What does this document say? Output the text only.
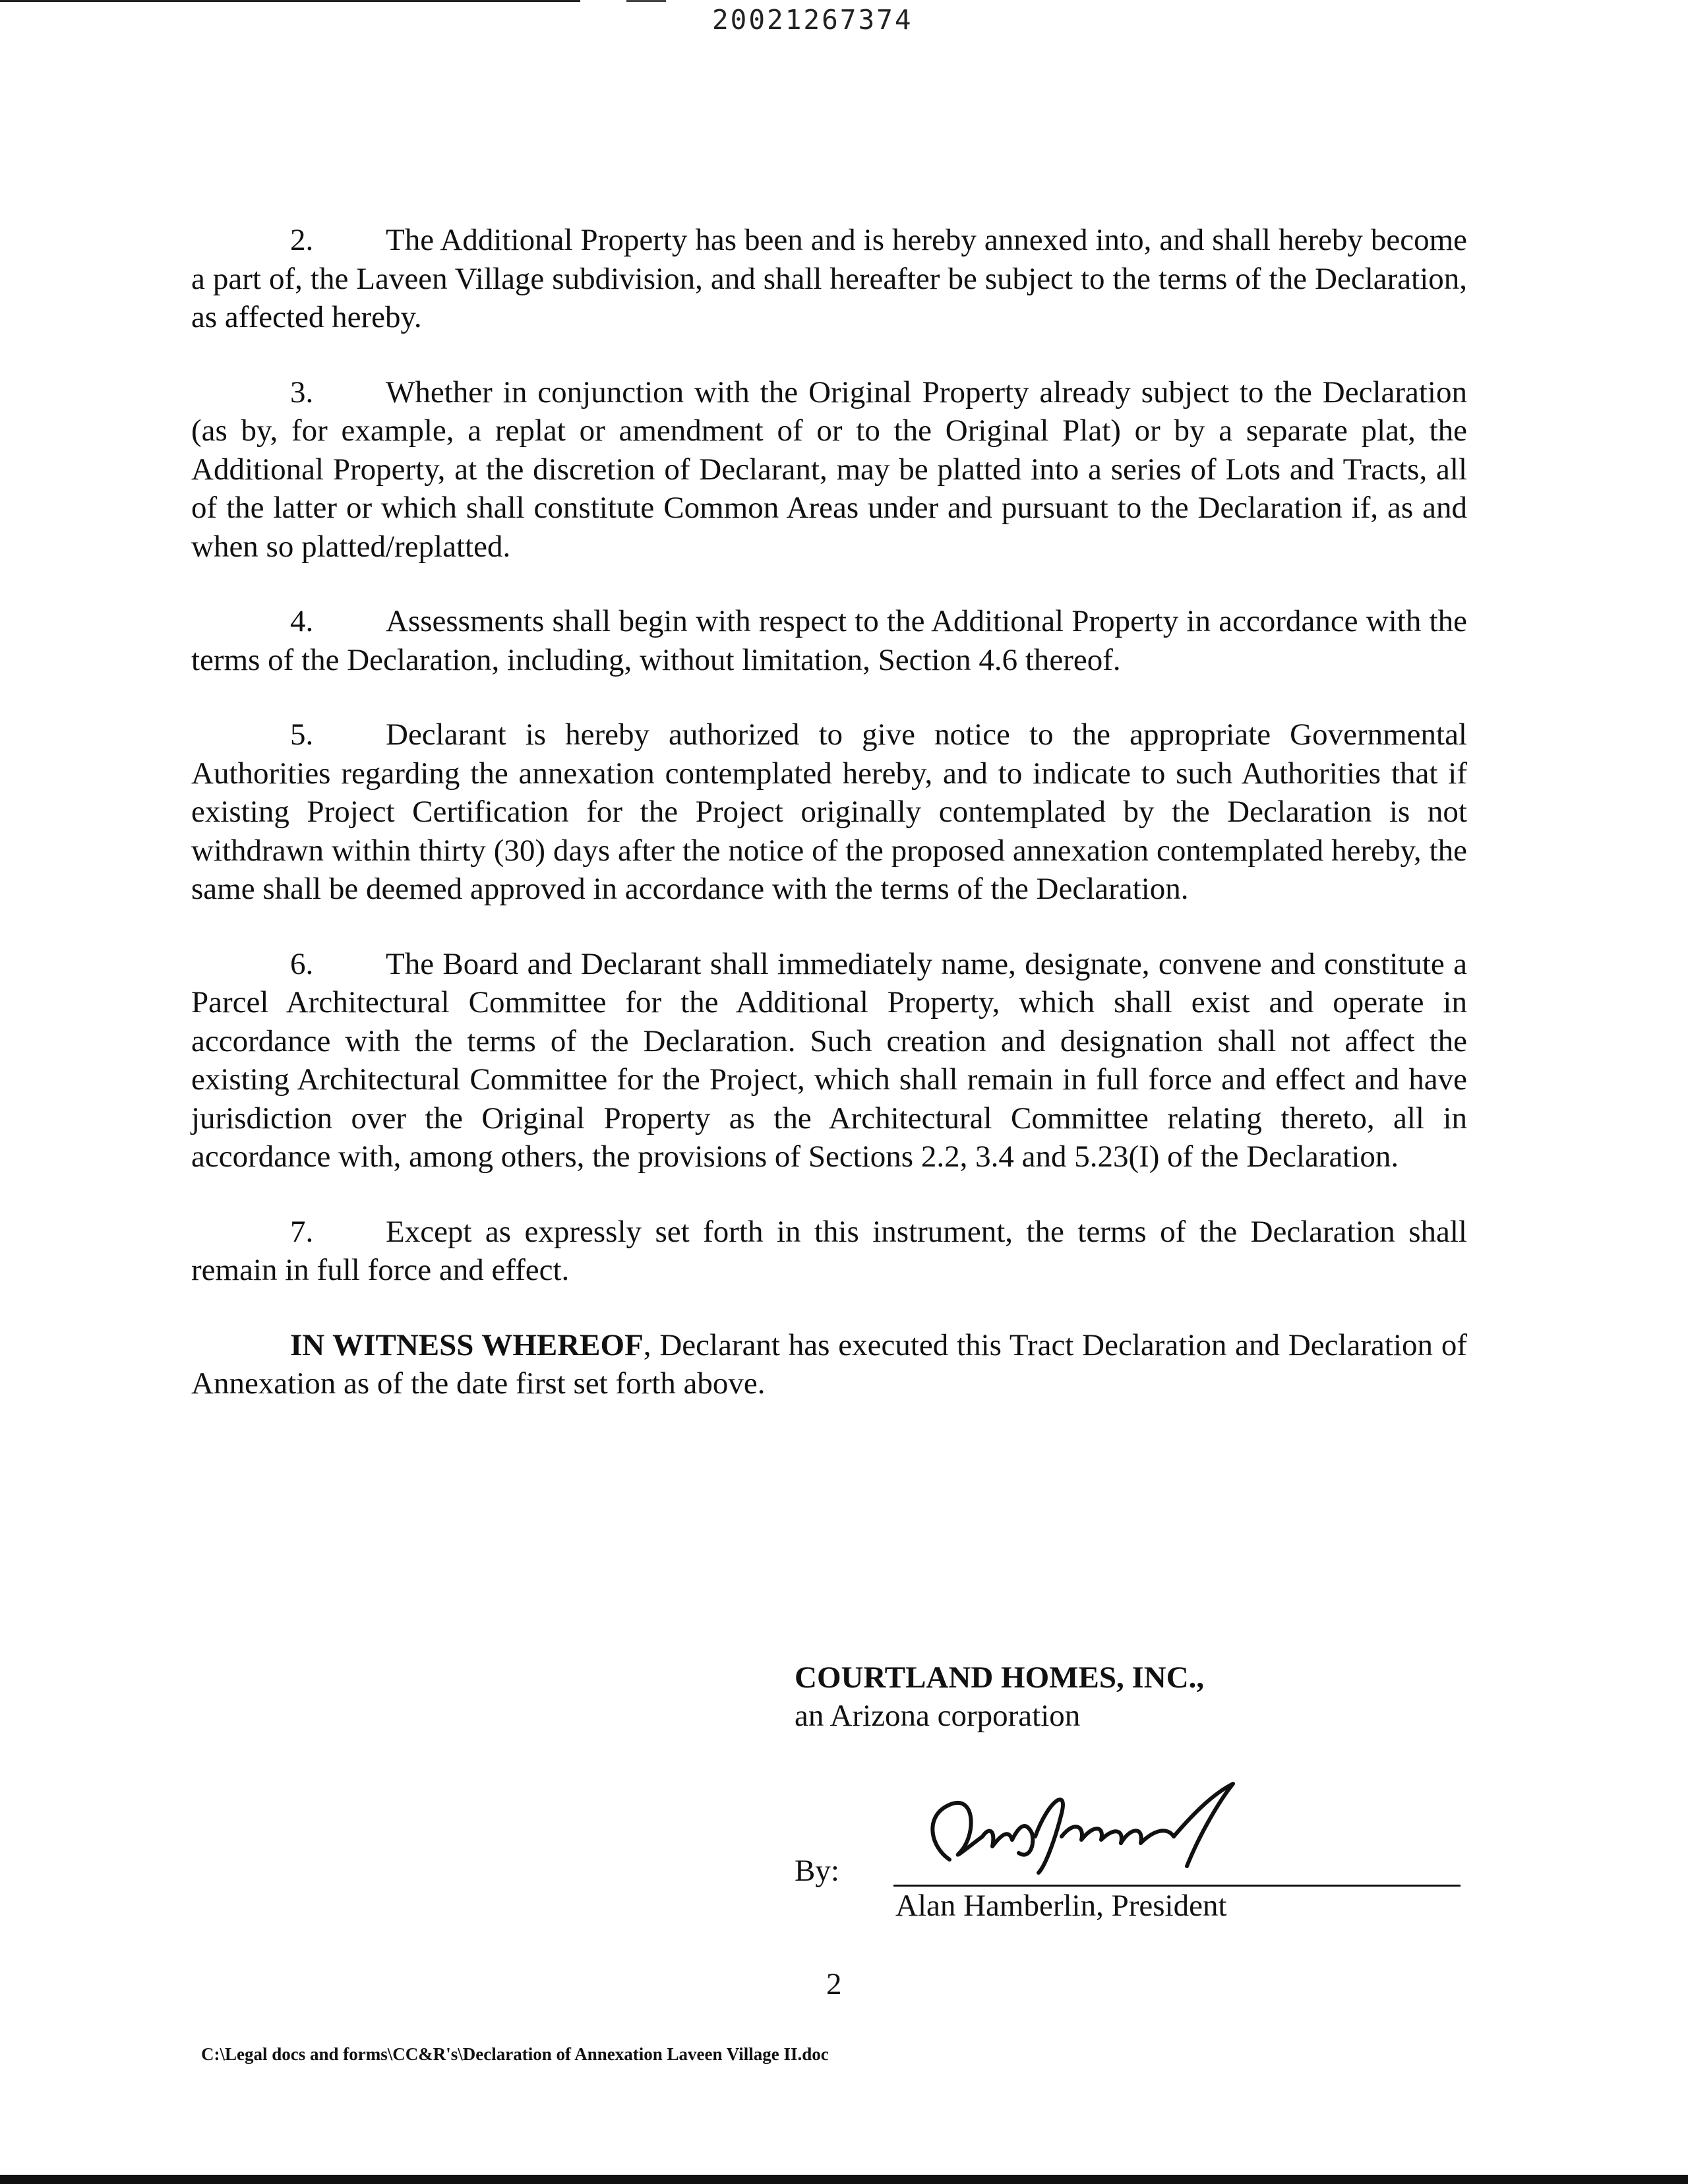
20021267374

2. The Additional Property has been and is hereby annexed into, and shall hereby become a part of, the Laveen Village subdivision, and shall hereafter be subject to the terms of the Declaration, as affected hereby.

3. Whether in conjunction with the Original Property already subject to the Declaration (as by, for example, a replat or amendment of or to the Original Plat) or by a separate plat, the Additional Property, at the discretion of Declarant, may be platted into a series of Lots and Tracts, all of the latter or which shall constitute Common Areas under and pursuant to the Declaration if, as and when so platted/replatted.

4. Assessments shall begin with respect to the Additional Property in accordance with the terms of the Declaration, including, without limitation, Section 4.6 thereof.

5. Declarant is hereby authorized to give notice to the appropriate Governmental Authorities regarding the annexation contemplated hereby, and to indicate to such Authorities that if existing Project Certification for the Project originally contemplated by the Declaration is not withdrawn within thirty (30) days after the notice of the proposed annexation contemplated hereby, the same shall be deemed approved in accordance with the terms of the Declaration.

6. The Board and Declarant shall immediately name, designate, convene and constitute a Parcel Architectural Committee for the Additional Property, which shall exist and operate in accordance with the terms of the Declaration. Such creation and designation shall not affect the existing Architectural Committee for the Project, which shall remain in full force and effect and have jurisdiction over the Original Property as the Architectural Committee relating thereto, all in accordance with, among others, the provisions of Sections 2.2, 3.4 and 5.23(I) of the Declaration.

7. Except as expressly set forth in this instrument, the terms of the Declaration shall remain in full force and effect.

IN WITNESS WHEREOF, Declarant has executed this Tract Declaration and Declaration of Annexation as of the date first set forth above.

COURTLAND HOMES, INC.,
an Arizona corporation
By:
Alan Hamberlin, President
2
C:\Legal docs and forms\CC&R's\Declaration of Annexation Laveen Village II.doc
